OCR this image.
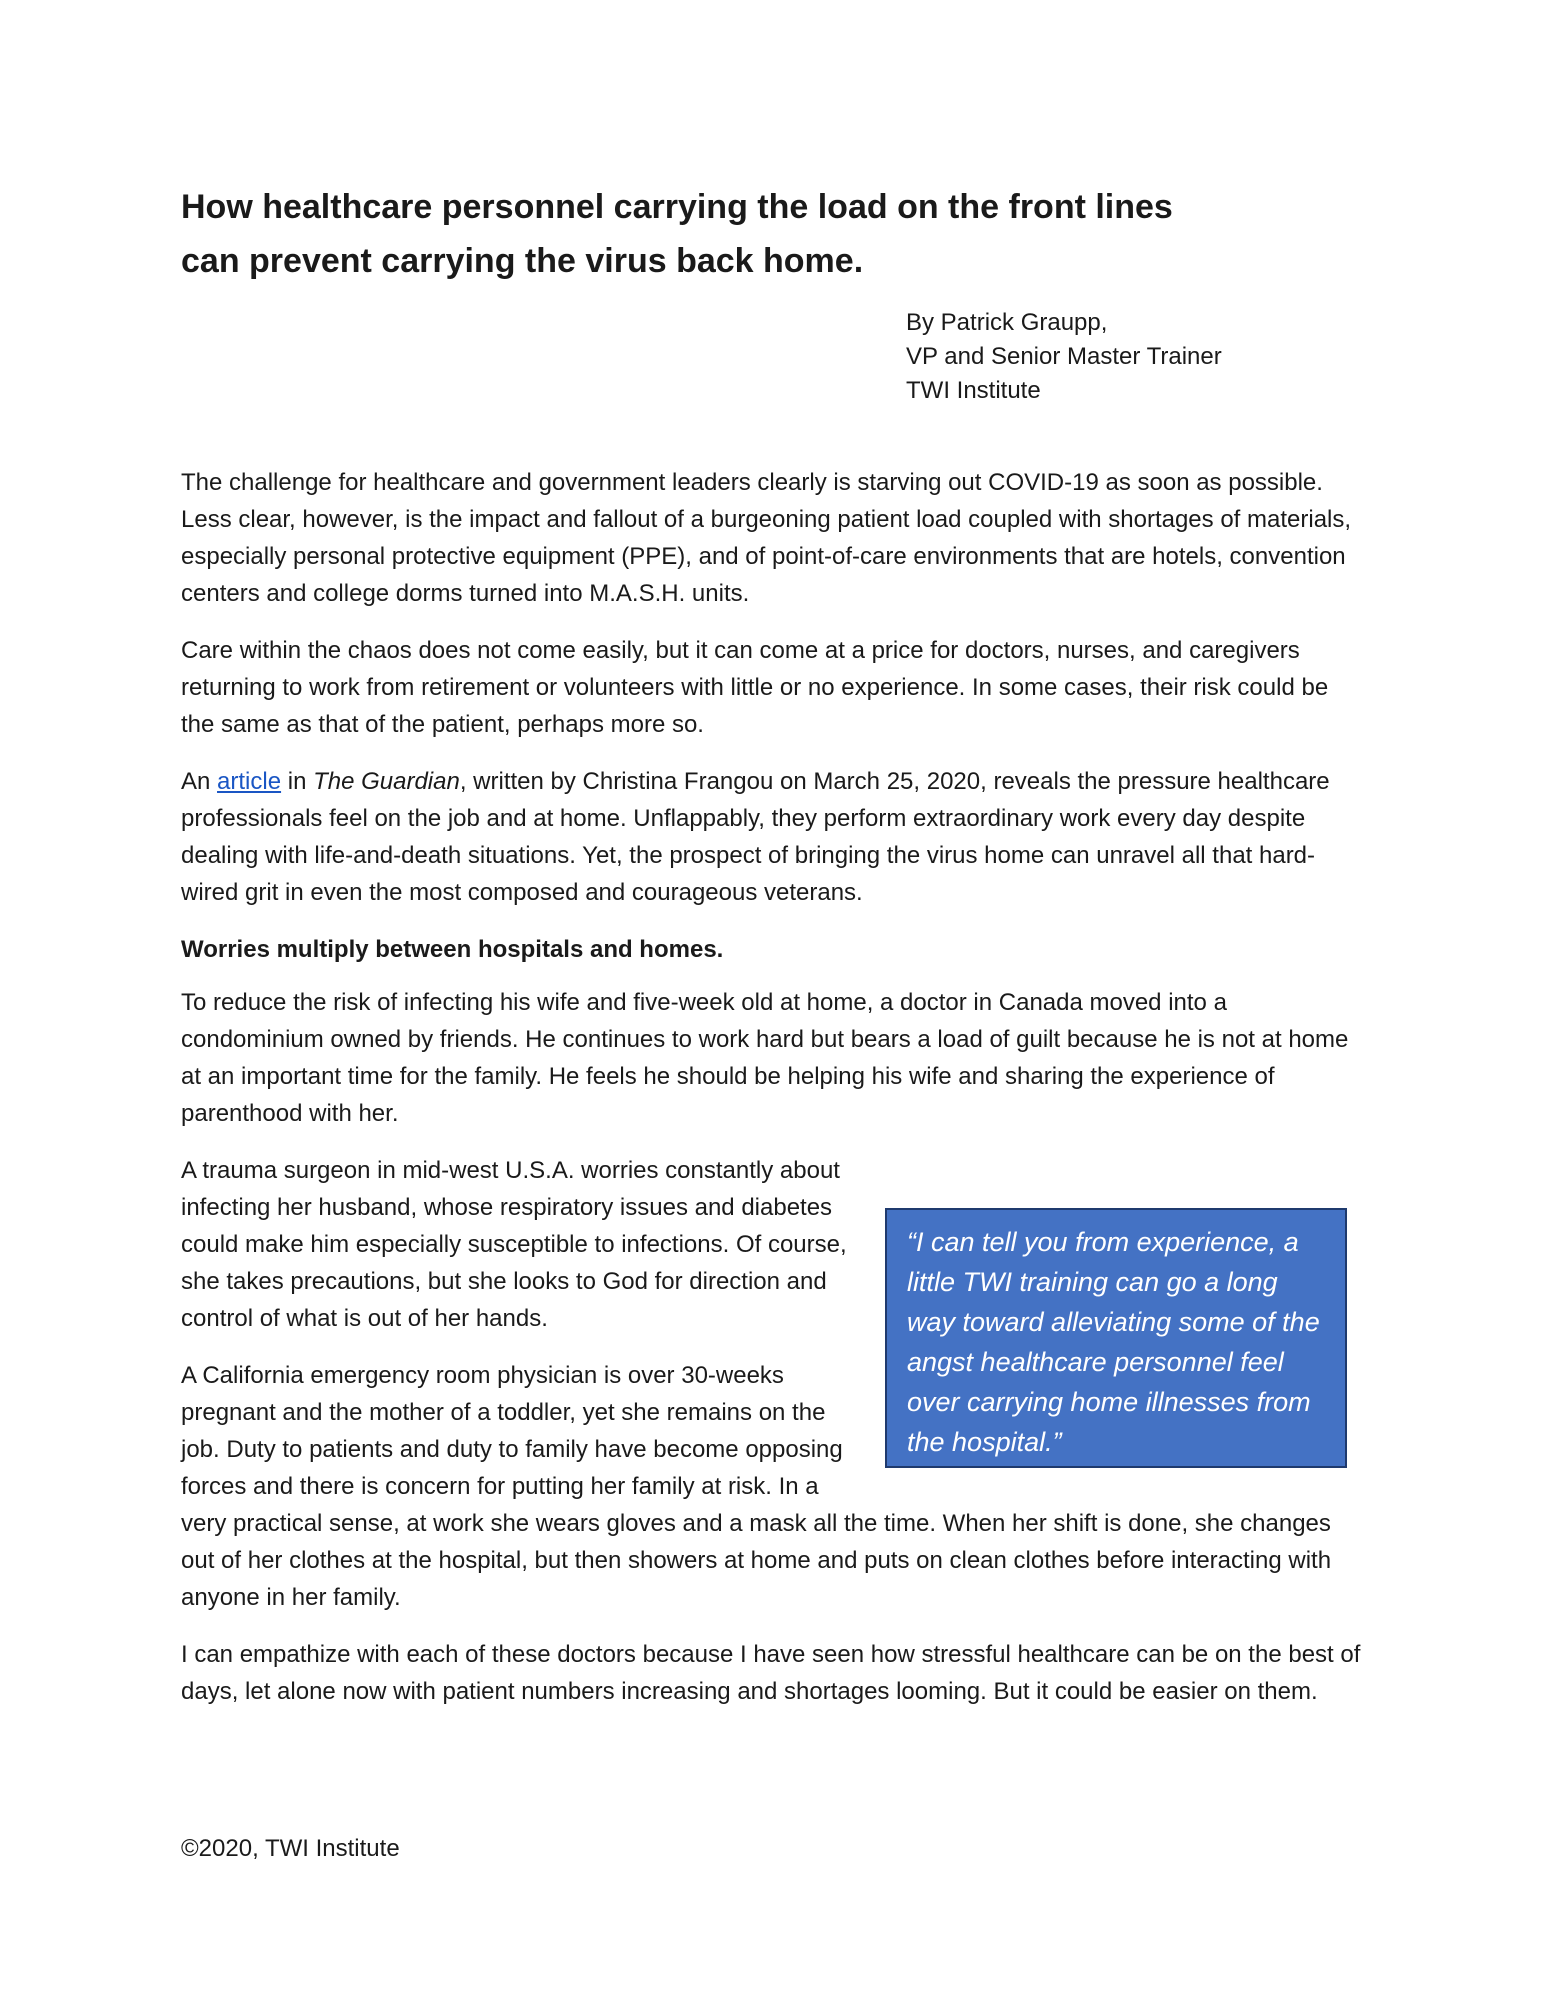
How healthcare personnel carrying the load on the front lines
can prevent carrying the virus back home.
By Patrick Graupp,
VP and Senior Master Trainer
TWI Institute

The challenge for healthcare and government leaders clearly is starving out COVID-19 as soon as possible. Less clear, however, is the impact and fallout of a burgeoning patient load coupled with shortages of materials, especially personal protective equipment (PPE), and of point-of-care environments that are hotels, convention centers and college dorms turned into M.A.S.H. units.

Care within the chaos does not come easily, but it can come at a price for doctors, nurses, and caregivers returning to work from retirement or volunteers with little or no experience. In some cases, their risk could be the same as that of the patient, perhaps more so.

An article in The Guardian, written by Christina Frangou on March 25, 2020, reveals the pressure healthcare professionals feel on the job and at home. Unflappably, they perform extraordinary work every day despite dealing with life-and-death situations. Yet, the prospect of bringing the virus home can unravel all that hard-wired grit in even the most composed and courageous veterans.

Worries multiply between hospitals and homes.

To reduce the risk of infecting his wife and five-week old at home, a doctor in Canada moved into a condominium owned by friends. He continues to work hard but bears a load of guilt because he is not at home at an important time for the family. He feels he should be helping his wife and sharing the experience of parenthood with her.

“I can tell you from experience, a little TWI training can go a long way toward alleviating some of the angst healthcare personnel feel over carrying home illnesses from the hospital.”

A trauma surgeon in mid-west U.S.A. worries constantly about infecting her husband, whose respiratory issues and diabetes could make him especially susceptible to infections. Of course, she takes precautions, but she looks to God for direction and control of what is out of her hands.

A California emergency room physician is over 30-weeks pregnant and the mother of a toddler, yet she remains on the job. Duty to patients and duty to family have become opposing forces and there is concern for putting her family at risk. In a very practical sense, at work she wears gloves and a mask all the time. When her shift is done, she changes out of her clothes at the hospital, but then showers at home and puts on clean clothes before interacting with anyone in her family.

I can empathize with each of these doctors because I have seen how stressful healthcare can be on the best of days, let alone now with patient numbers increasing and shortages looming. But it could be easier on them.

©2020, TWI Institute
